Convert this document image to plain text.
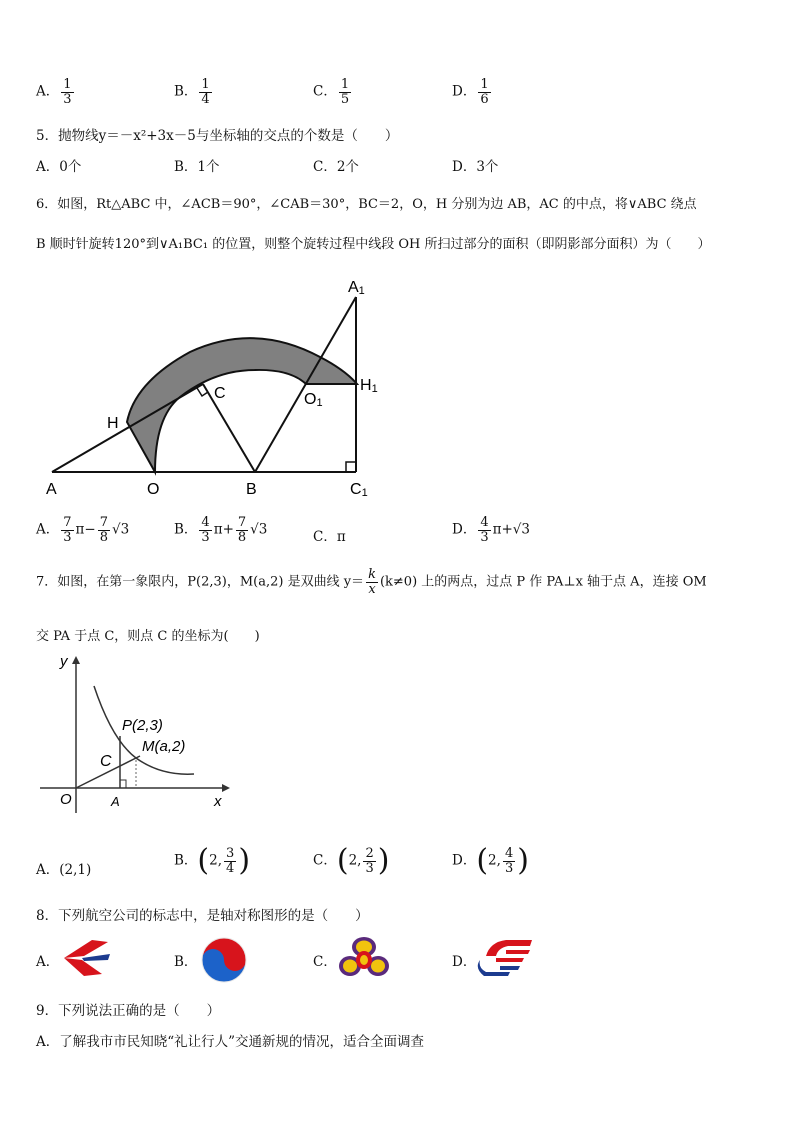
A． $\frac{1}{3}$	B． $\frac{1}{4}$	C． $\frac{1}{5}$	D． $\frac{1}{6}$
5．抛物线y＝－x²+3x－5与坐标轴的交点的个数是（　　）
A．0个	B．1个	C．2个	D．3个
6．如图，Rt△ABC 中，∠ACB＝90°，∠CAB＝30°，BC＝2，O，H 分别为边 AB，AC 的中点，将∨ABC 绕点
B 顺时针旋转120°到∨A₁BC₁ 的位置，则整个旋转过程中线段 OH 所扫过部分的面积（即阴影部分面积）为（　　）
A	O	B	C1
H
C	O1
H1
A1
A． $\frac{7}{3} \pi- \frac{7}{8} √3$	B． $\frac{4}{3} \pi+ \frac{7}{8} √3$	C．π	D． $\frac{4}{3} \pi+√3$
7．如图，在第一象限内，P(2,3)，M(a,2) 是双曲线 $y= \frac{k}{x} (k\ne 0)$ 上的两点，过点 P 作 PA⊥x 轴于点 A，连接 OM
交 PA 于点 C，则点 C 的坐标为(　　)
y
x
O	A
C
P(2,3)
M(a,2)
A．(2,1)
B．(2, $\frac{3}{4}$ )	C．(2, $\frac{2}{3}$ )	D．(2, $\frac{4}{3}$ )
8．下列航空公司的标志中，是轴对称图形的是（　　）
A．	B．	C．	D．
9．下列说法正确的是（　　）
A．了解我市市民知晓“礼让行人”交通新规的情况，适合全面调查
